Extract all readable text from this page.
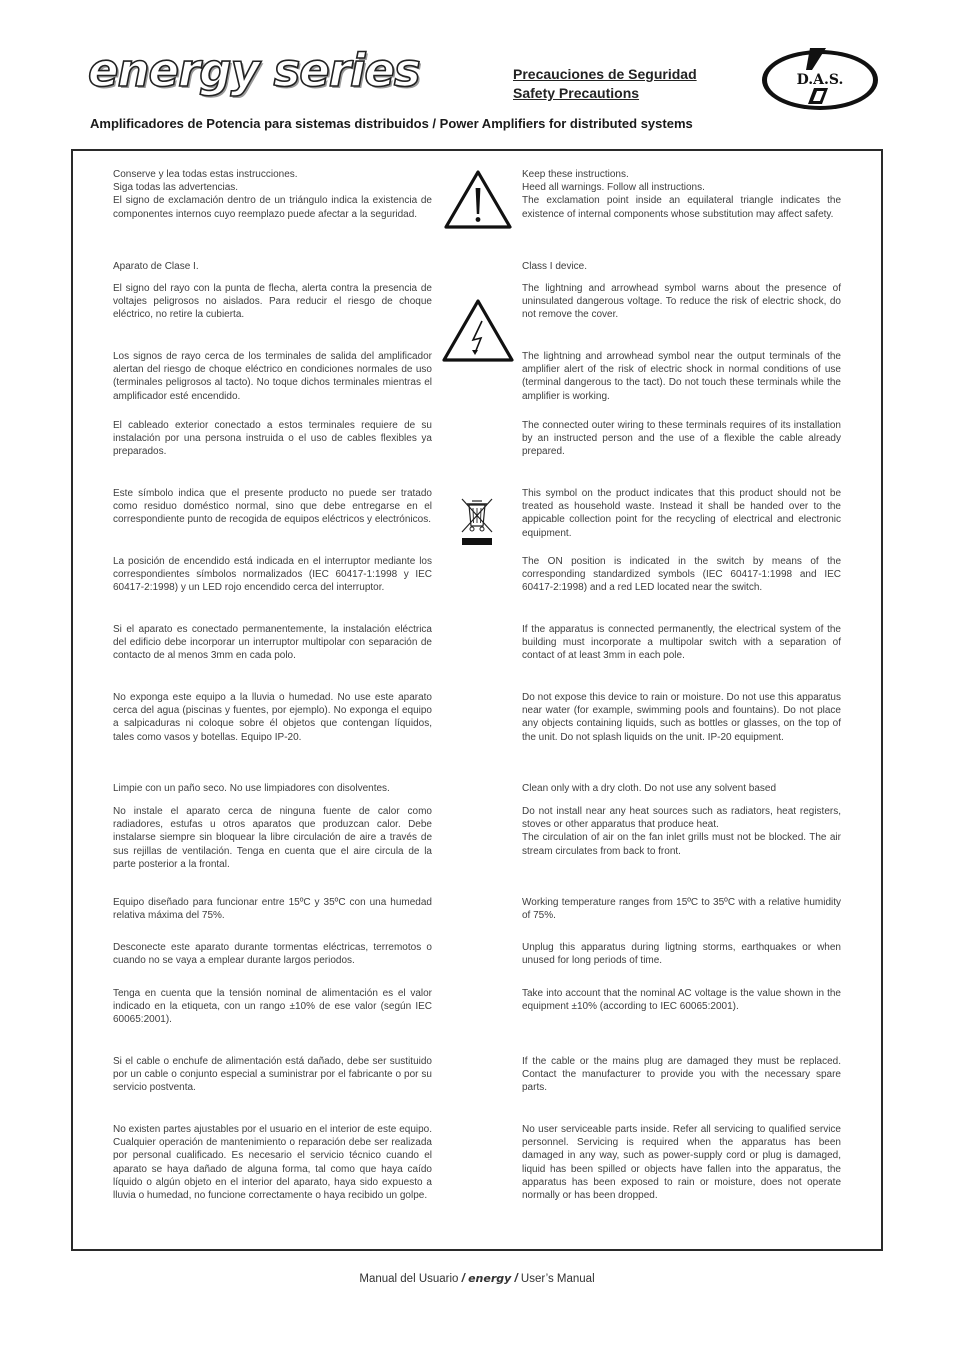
energy series	Precauciones de Seguridad
Safety Precautions
D.A.S.
Amplificadores de Potencia para sistemas distribuidos / Power Amplifiers for distributed systems
Conserve y lea todas estas instrucciones.
Siga todas las advertencias.
El signo de exclamación dentro de un triángulo indica la existencia de componentes internos cuyo reemplazo puede afectar a la seguridad.
Keep these instructions.
Heed all warnings. Follow all instructions.
The exclamation point inside an equilateral triangle indicates the existence of internal components whose substitution may affect safety.
Aparato de Clase I.	Class I device.
El signo del rayo con la punta de flecha, alerta contra la presencia de voltajes peligrosos no aislados. Para reducir el riesgo de choque eléctrico, no retire la cubierta.
The lightning and arrowhead symbol warns about the presence of uninsulated dangerous voltage. To reduce the risk of electric shock, do not remove the cover.
Los signos de rayo cerca de los terminales de salida del amplificador alertan del riesgo de choque eléctrico en condiciones normales de uso (terminales peligrosos al tacto). No toque dichos terminales mientras el amplificador esté encendido.
The lightning and arrowhead symbol near the output terminals of the amplifier alert of the risk of electric shock in normal conditions of use (terminal dangerous to the tact). Do not touch these terminals while the amplifier is working.
El cableado exterior conectado a estos terminales requiere de su instalación por una persona instruida o el uso de cables flexibles ya preparados.
The connected outer wiring to these terminals requires of its installation by an instructed person and the use of a flexible the cable already prepared.
Este símbolo indica que el presente producto no puede ser tratado como residuo doméstico normal, sino que debe entregarse en el correspondiente punto de recogida de equipos eléctricos y electrónicos.
This symbol on the product indicates that this product should not be treated as household waste. Instead it shall be handed over to the appicable collection point for the recycling of electrical and electronic equipment.
La posición de encendido está indicada en el interruptor mediante los correspondientes símbolos normalizados (IEC 60417-1:1998 y IEC 60417-2:1998) y un LED rojo encendido cerca del interruptor.
The ON position is indicated in the switch by means of the corresponding standardized symbols (IEC 60417-1:1998 and IEC 60417-2:1998) and a red LED located near the switch.
Si el aparato es conectado permanentemente, la instalación eléctrica del edificio debe incorporar un interruptor multipolar con separación de contacto de al menos 3mm en cada polo.
If the apparatus is connected permanently, the electrical system of the building must incorporate a multipolar switch with a separation of contact of at least 3mm in each pole.
No exponga este equipo a la lluvia o humedad. No use este aparato cerca del agua (piscinas y fuentes, por ejemplo). No exponga el equipo a salpicaduras ni coloque sobre él objetos que contengan líquidos, tales como vasos y botellas. Equipo IP-20.
Do not expose this device to rain or moisture. Do not use this apparatus near water (for example, swimming pools and fountains). Do not place any objects containing liquids, such as bottles or glasses, on the top of the unit. Do not splash liquids on the unit. IP-20 equipment.
Limpie con un paño seco. No use limpiadores con disolventes.	Clean only with a dry cloth. Do not use any solvent based
No instale el aparato cerca de ninguna fuente de calor como radiadores, estufas u otros aparatos que produzcan calor. Debe instalarse siempre sin bloquear la libre circulación de aire a través de sus rejillas de ventilación. Tenga en cuenta que el aire circula de la parte posterior a la frontal.
Do not install near any heat sources such as radiators, heat registers, stoves or other apparatus that produce heat.
The circulation of air on the fan inlet grills must not be blocked. The air stream circulates from back to front.
Equipo diseñado para funcionar entre 15ºC y 35ºC con una humedad relativa máxima del 75%.
Working temperature ranges from 15ºC to 35ºC with a relative humidity of 75%.
Desconecte este aparato durante tormentas eléctricas, terremotos o cuando no se vaya a emplear durante largos periodos.
Unplug this apparatus during ligtning storms, earthquakes or when unused for long periods of time.
Tenga en cuenta que la tensión nominal de alimentación es el valor indicado en la etiqueta, con un rango ±10% de ese valor (según IEC 60065:2001).
Take into account that the nominal AC voltage is the value shown in the equipment ±10% (according to IEC 60065:2001).
Si el cable o enchufe de alimentación está dañado, debe ser sustituido por un cable o conjunto especial a suministrar por el fabricante o por su servicio postventa.
If the cable or the mains plug are damaged they must be replaced. Contact the manufacturer to provide you with the necessary spare parts.
No existen partes ajustables por el usuario en el interior de este equipo. Cualquier operación de mantenimiento o reparación debe ser realizada por personal cualificado. Es necesario el servicio técnico cuando el aparato se haya dañado de alguna forma, tal como que haya caído líquido o algún objeto en el interior del aparato, haya sido expuesto a lluvia o humedad, no funcione correctamente o haya recibido un golpe.
No user serviceable parts inside. Refer all servicing to qualified service personnel. Servicing is required when the apparatus has been damaged in any way, such as power-supply cord or plug is damaged, liquid has been spilled or objects have fallen into the apparatus, the apparatus has been exposed to rain or moisture, does not operate normally or has been dropped.
Manual del Usuario / energy / User’s Manual
